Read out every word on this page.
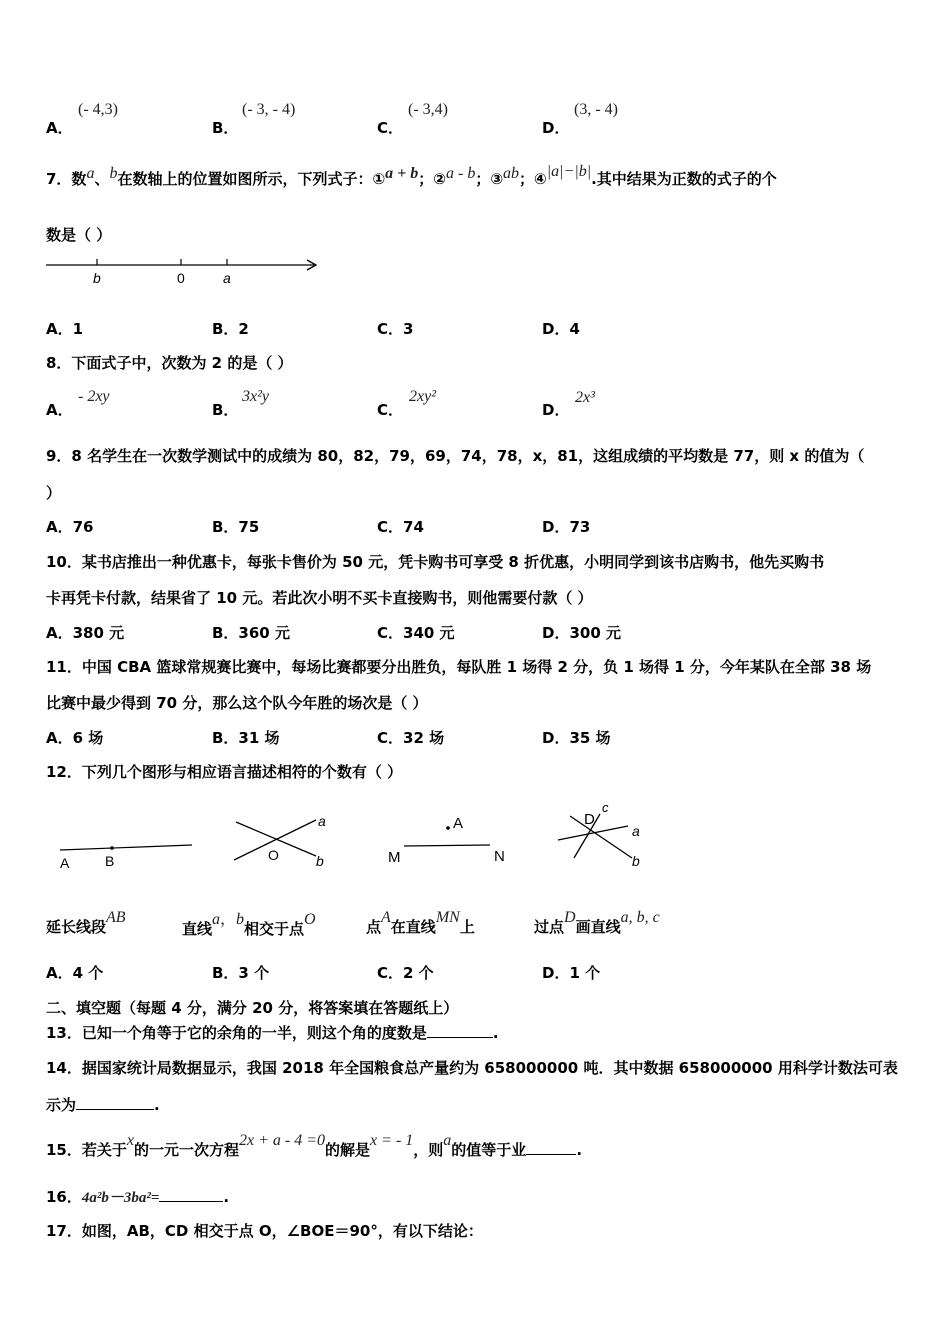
A．
(- 4,3)
B．
(- 3, - 4)
C．
(- 3,4)
D．
(3, - 4)
7．数a、b在数轴上的位置如图所示，下列式子：①a + b；②a - b；③ab；④|a|−|b|.其中结果为正数的式子的个
数是（ ）
b	0	a
A．1	B．2	C．3	D．4
8．下面式子中，次数为 2 的是（ ）
A．
- 2xy
B．
3x²y
C．
2xy²
D．
2x³
9．8 名学生在一次数学测试中的成绩为 80，82，79，69，74，78，x，81，这组成绩的平均数是 77，则 x 的值为（
）
A．76	B．75	C．74	D．73
10．某书店推出一种优惠卡，每张卡售价为 50 元，凭卡购书可享受 8 折优惠，小明同学到该书店购书，他先买购书
卡再凭卡付款，结果省了 10 元。若此次小明不买卡直接购书，则他需要付款（ ）
A．380 元	B．360 元	C．340 元	D．300 元
11．中国 CBA 篮球常规赛比赛中，每场比赛都要分出胜负，每队胜 1 场得 2 分，负 1 场得 1 分，今年某队在全部 38 场
比赛中最少得到 70 分，那么这个队今年胜的场次是（ ）
A．6 场	B．31 场	C．32 场	D．35 场
12．下列几个图形与相应语言描述相符的个数有（ ）
A	B
a
O	b
A
M	N
D
c
a
b
延长线段AB
直线a，b相交于点O	点A在直线MN上	过点D画直线a, b, c
A．4 个	B．3 个	C．2 个	D．1 个
二、填空题（每题 4 分，满分 20 分，将答案填在答题纸上）
13．已知一个角等于它的余角的一半，则这个角的度数是	.
14．据国家统计局数据显示，我国 2018 年全国粮食总产量约为 658000000 吨．其中数据 658000000 用科学计数法可表
示为	.
15．若关于x的一元一次方程2x + a - 4 =0的解是x = - 1，则a的值等于业	.
16．4a²b－3ba²=	.
17．如图，AB，CD 相交于点 O，∠BOE＝90°，有以下结论：
